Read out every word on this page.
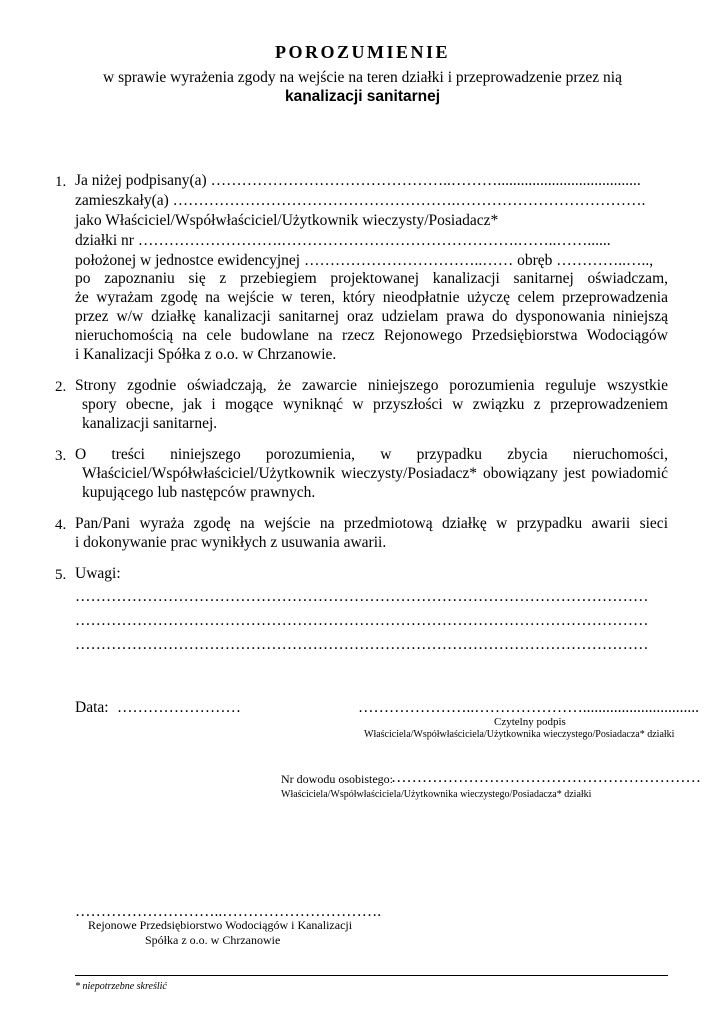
POROZUMIENIE
w sprawie wyrażenia zgody na wejście na teren działki i przeprowadzenie przez nią
kanalizacji sanitarnej
1. Ja niżej podpisany(a) ………………………………………..……….....................................
zamieszkały(a) ……………………………………………….……………………………….
jako Właściciel/Współwłaściciel/Użytkownik wieczysty/Posiadacz*
działki nr ……………………….……………………………………….……..……......
położonej w jednostce ewidencyjnej ……………………………..…… obręb …………..…..,
po zapoznaniu się z przebiegiem projektowanej kanalizacji sanitarnej oświadczam,
że wyrażam zgodę na wejście w teren, który nieodpłatnie użyczę celem przeprowadzenia
przez w/w działkę kanalizacji sanitarnej oraz udzielam prawa do dysponowania niniejszą
nieruchomością na cele budowlane na rzecz Rejonowego Przedsiębiorstwa Wodociągów
i Kanalizacji Spółka z o.o. w Chrzanowie.
2. Strony zgodnie oświadczają, że zawarcie niniejszego porozumienia reguluje wszystkie
spory obecne, jak i mogące wyniknąć w przyszłości w związku z przeprowadzeniem
kanalizacji sanitarnej.
3. O treści niniejszego porozumienia, w przypadku zbycia nieruchomości,
Właściciel/Współwłaściciel/Użytkownik wieczysty/Posiadacz* obowiązany jest powiadomić
kupującego lub następców prawnych.
4. Pan/Pani wyraża zgodę na wejście na przedmiotową działkę w przypadku awarii sieci
i dokonywanie prac wynikłych z usuwania awarii.
5. Uwagi:
…………………………………………………………………………………………………
…………………………………………………………………………………………………
…………………………………………………………………………………………………
Data: ……………………	…………………..…………………..............................
Czytelny podpis
Właściciela/Współwłaściciela/Użytkownika wieczystego/Posiadacza* działki
Nr dowodu osobistego:
……………………………………………………
Właściciela/Współwłaściciela/Użytkownika wieczystego/Posiadacza* działki
………………………..………………………….
Rejonowe Przedsiębiorstwo Wodociągów i Kanalizacji
Spółka z o.o. w Chrzanowie
* niepotrzebne skreślić
